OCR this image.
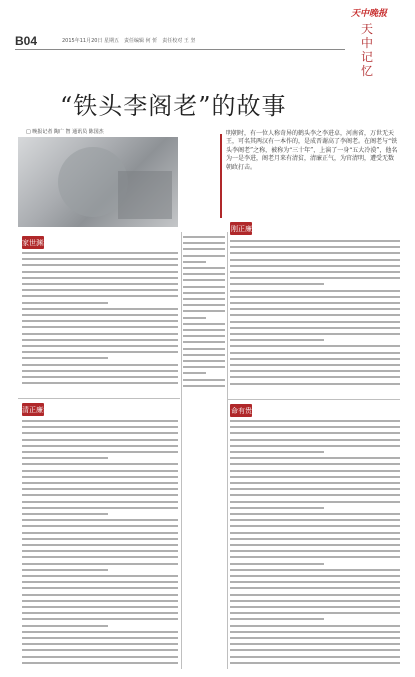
B04	2015年11月20日 星期五　责任编辑 何 忻　责任校对 王 坚
天中晚报
天中
记忆
“铁头李阁老”的故事
□ 晚报记者 陶广 智 通讯员 陈国杰	明朝时，有一位人称奇异的鹤头李之李进卓，河南省，万世无天王，可名其两汉有一本作的，是成晋谢高了李阁老。在阁老与“铁头李阁老”之称，被称为“三十年”，上演了一身“五大冷漠”，他名为一是李进，阁老月来有清贫，清廉正气，为官清明，遭受无数朝政打击。
家世渊源
刚正廉直
清正廉洁	命有贵人
